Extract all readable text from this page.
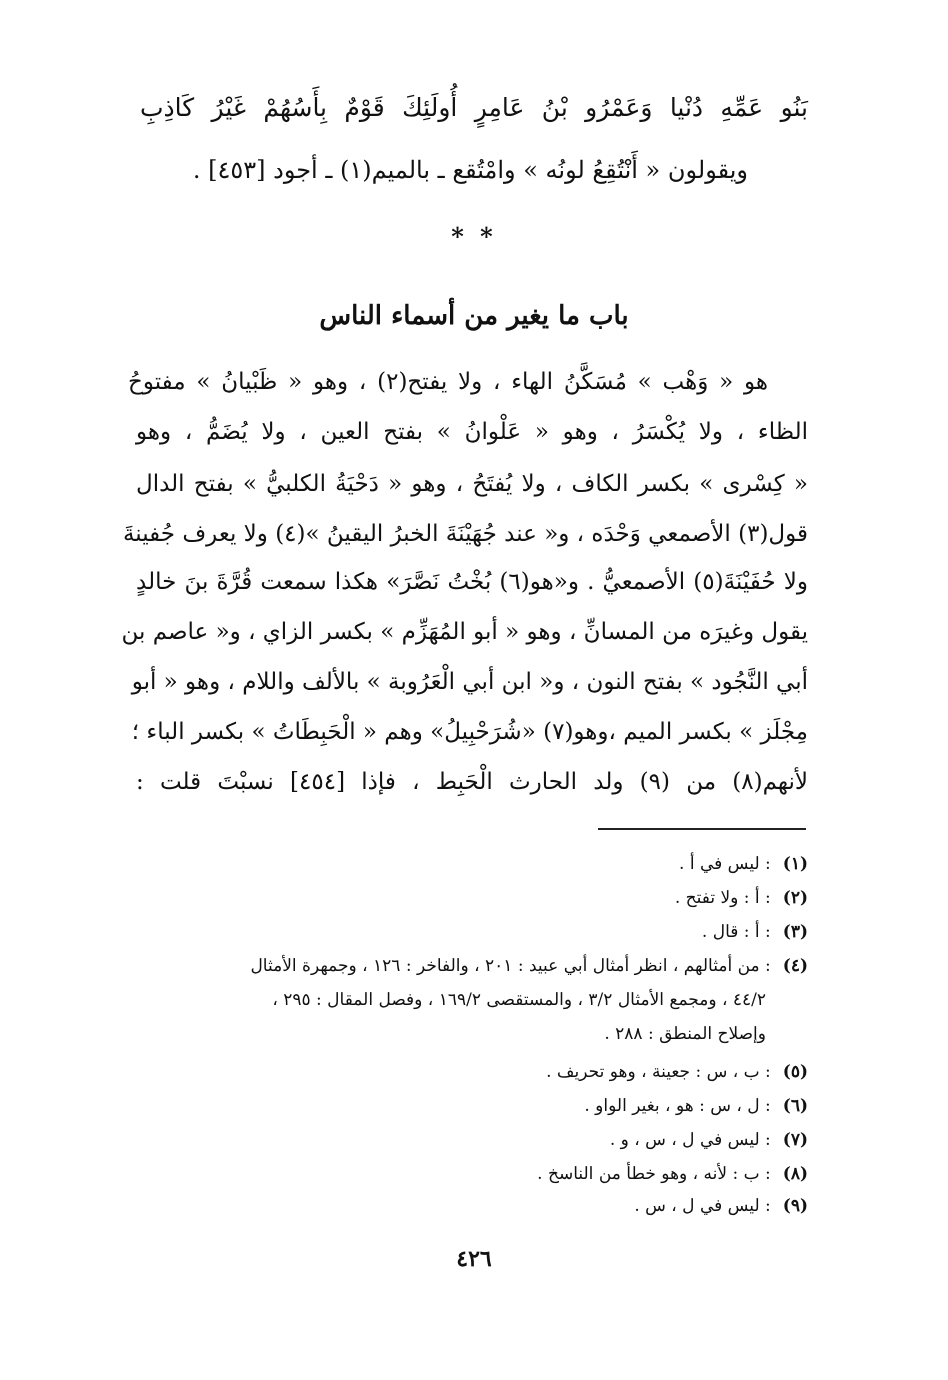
بَنُو عَمِّهِ دُنْيا وَعَمْرُو بْنُ عَامِرٍ أُولَئِكَ قَوْمٌ بِأَسُهُمْ غَيْرُ كَاذِبِ
ويقولون « أَنْتُقِعُ لونُه » وامْتُقع ـ بالميم(١) ـ أجود [٤٥٣] .
* *
باب ما يغير من أسماء الناس
هو « وَهْب » مُسَكَّنُ الهاء ، ولا يفتح(٢) ، وهو « ظَبْيانُ » مفتوحُ
الظاء ، ولا يُكْسَرُ ، وهو « عَلْوانُ » بفتح العين ، ولا يُضَمُّ ، وهو
« كِسْرى » بكسر الكاف ، ولا يُفتَحُ ، وهو « دَحْيَةُ الكلبيُّ » بفتح الدال
قول(٣) الأصمعي وَحْدَه ، و« عند جُهَيْنَةَ الخبرُ اليقينُ »(٤) ولا يعرف جُفينةَ
ولا حُفَيْنَةَ(٥) الأصمعيُّ . و«هو(٦) بُخْتُ نَصَّرَ» هكذا سمعت قُرَّةَ بنَ خالدٍ
يقول وغيرَه من المسانِّ ، وهو « أبو المُهَزِّم » بكسر الزاي ، و« عاصم بن
أبي النَّجُود » بفتح النون ، و« ابن أبي الْعَرُوبة » بالألف واللام ، وهو « أبو
مِجْلَز » بكسر الميم ،وهو(٧) «شُرَحْبِيلُ» وهم « الْحَبِطَاتُ » بكسر الباء ؛
لأنهم(٨) من (٩) ولد الحارث الْحَبِط ، فإذا [٤٥٤] نسبْتَ قلت :
(١): ليس في أ .
(٢): أ : ولا تفتح .
(٣): أ : قال .
(٤): من أمثالهم ، انظر أمثال أبي عبيد : ٢٠١ ، والفاخر : ١٢٦ ، وجمهرة الأمثال
٤٤/٢ ، ومجمع الأمثال ٣/٢ ، والمستقصى ١٦٩/٢ ، وفصل المقال : ٢٩٥ ،
وإصلاح المنطق : ٢٨٨ .
(٥): ب ، س : جعينة ، وهو تحريف .
(٦): ل ، س : هو ، بغير الواو .
(٧): ليس في ل ، س ، و .
(٨): ب : لأنه ، وهو خطأ من الناسخ .
(٩): ليس في ل ، س .
٤٢٦
